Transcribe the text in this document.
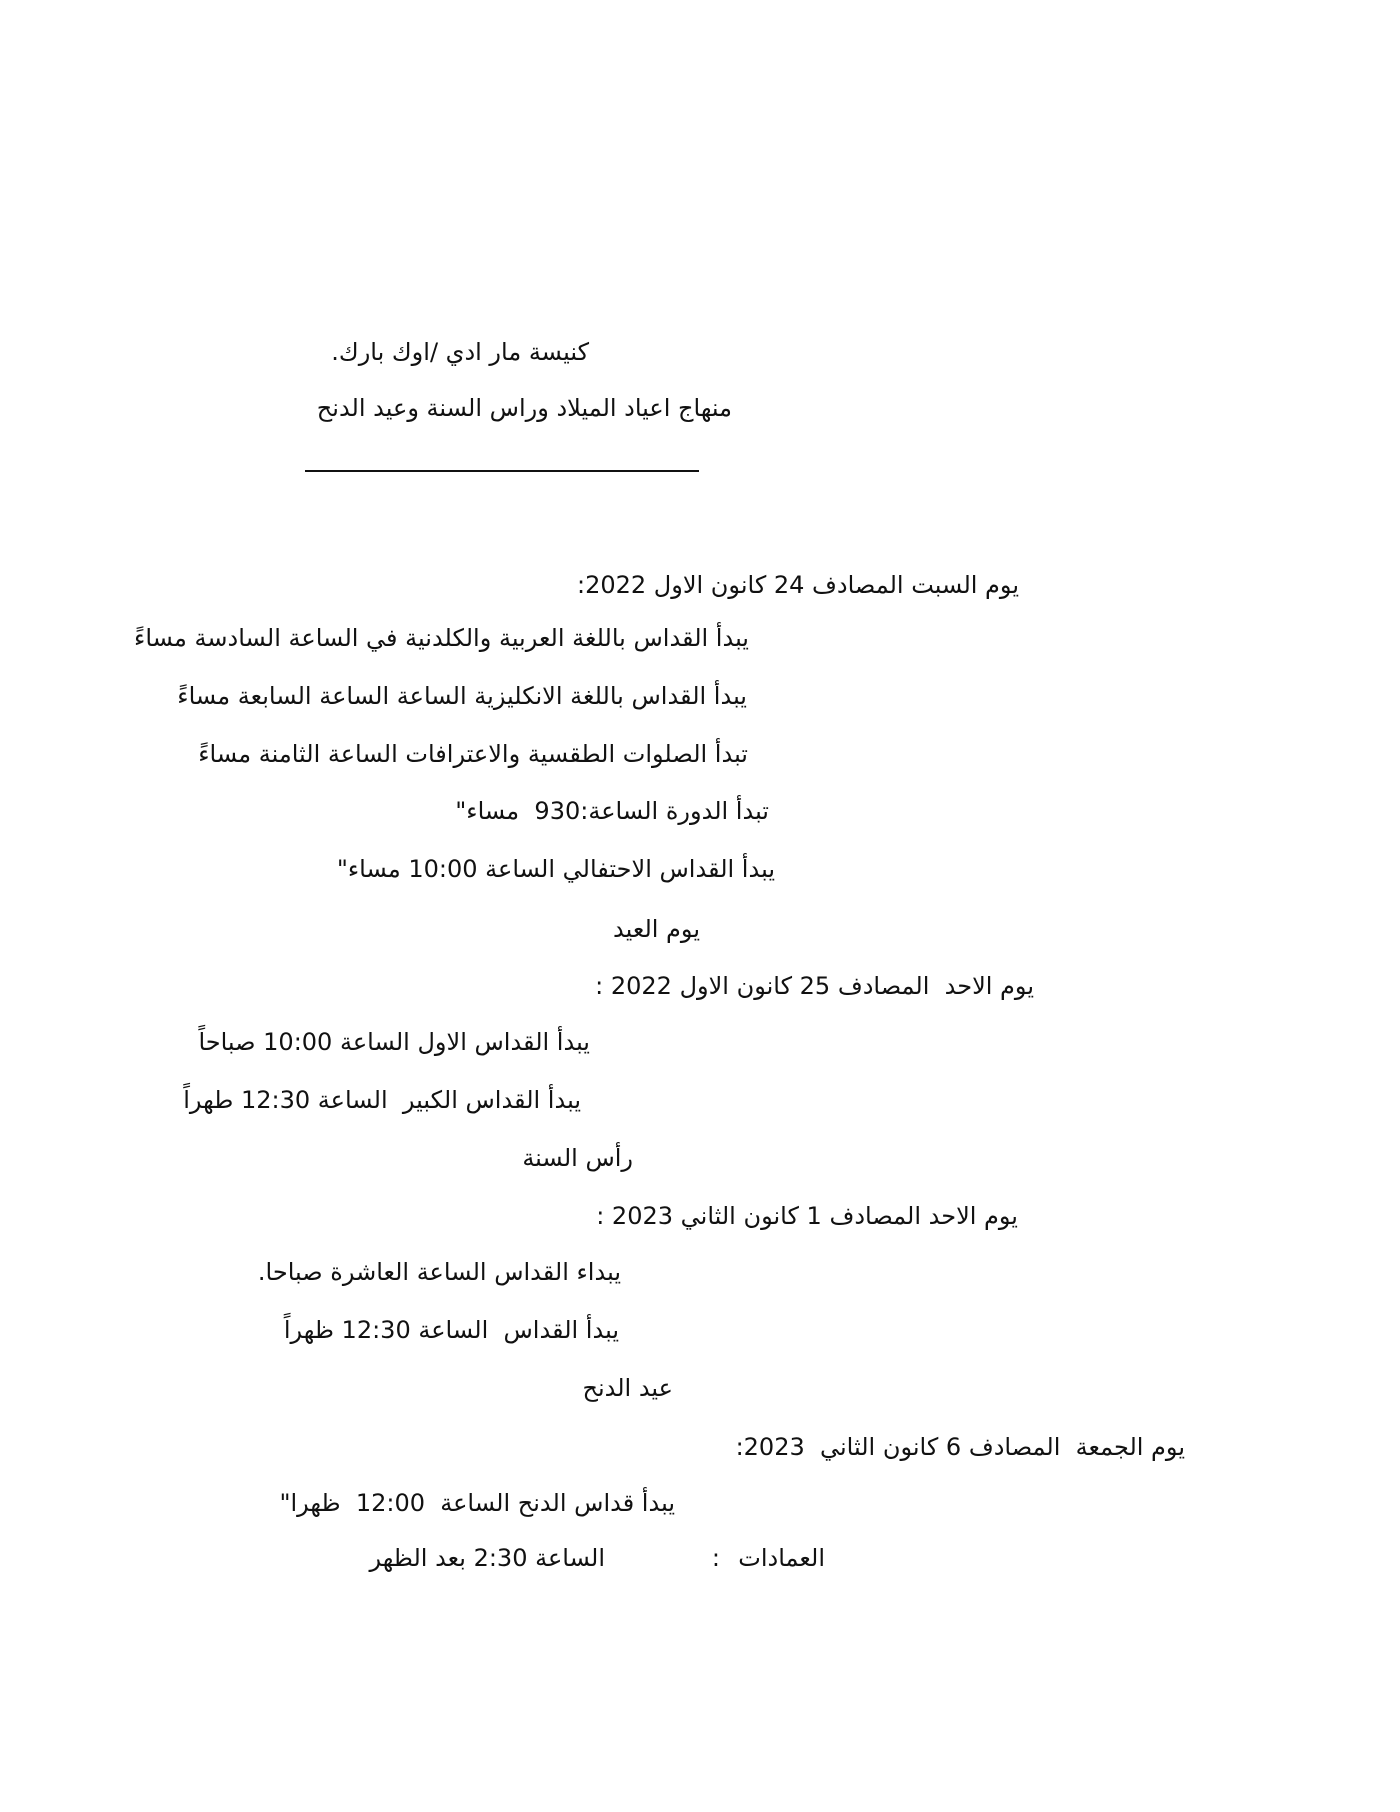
كنيسة مار ادي /اوك بارك.
منهاج اعياد الميلاد وراس السنة وعيد الدنح
يوم السبت المصادف 24 كانون الاول 2022:
يبدأ القداس باللغة العربية والكلدنية في الساعة السادسة مساءً
يبدأ القداس باللغة الانكليزية الساعة الساعة السابعة مساءً
تبدأ الصلوات الطقسية والاعترافات الساعة الثامنة مساءً
تبدأ الدورة الساعة:930  مساء"
يبدأ القداس الاحتفالي الساعة 10:00 مساء"
يوم العيد
يوم الاحد  المصادف 25 كانون الاول 2022 :
يبدأ القداس الاول الساعة 10:00 صباحاً
يبدأ القداس الكبير  الساعة 12:30 طهراً
رأس السنة
يوم الاحد المصادف 1 كانون الثاني 2023 :
يبداء القداس الساعة العاشرة صباحا.
يبدأ القداس  الساعة 12:30 ظهراً
عيد الدنح
يوم الجمعة  المصادف 6 كانون الثاني  2023:
يبدأ قداس الدنح الساعة  12:00  ظهرا"
العمادات
:
الساعة 2:30 بعد الظهر
